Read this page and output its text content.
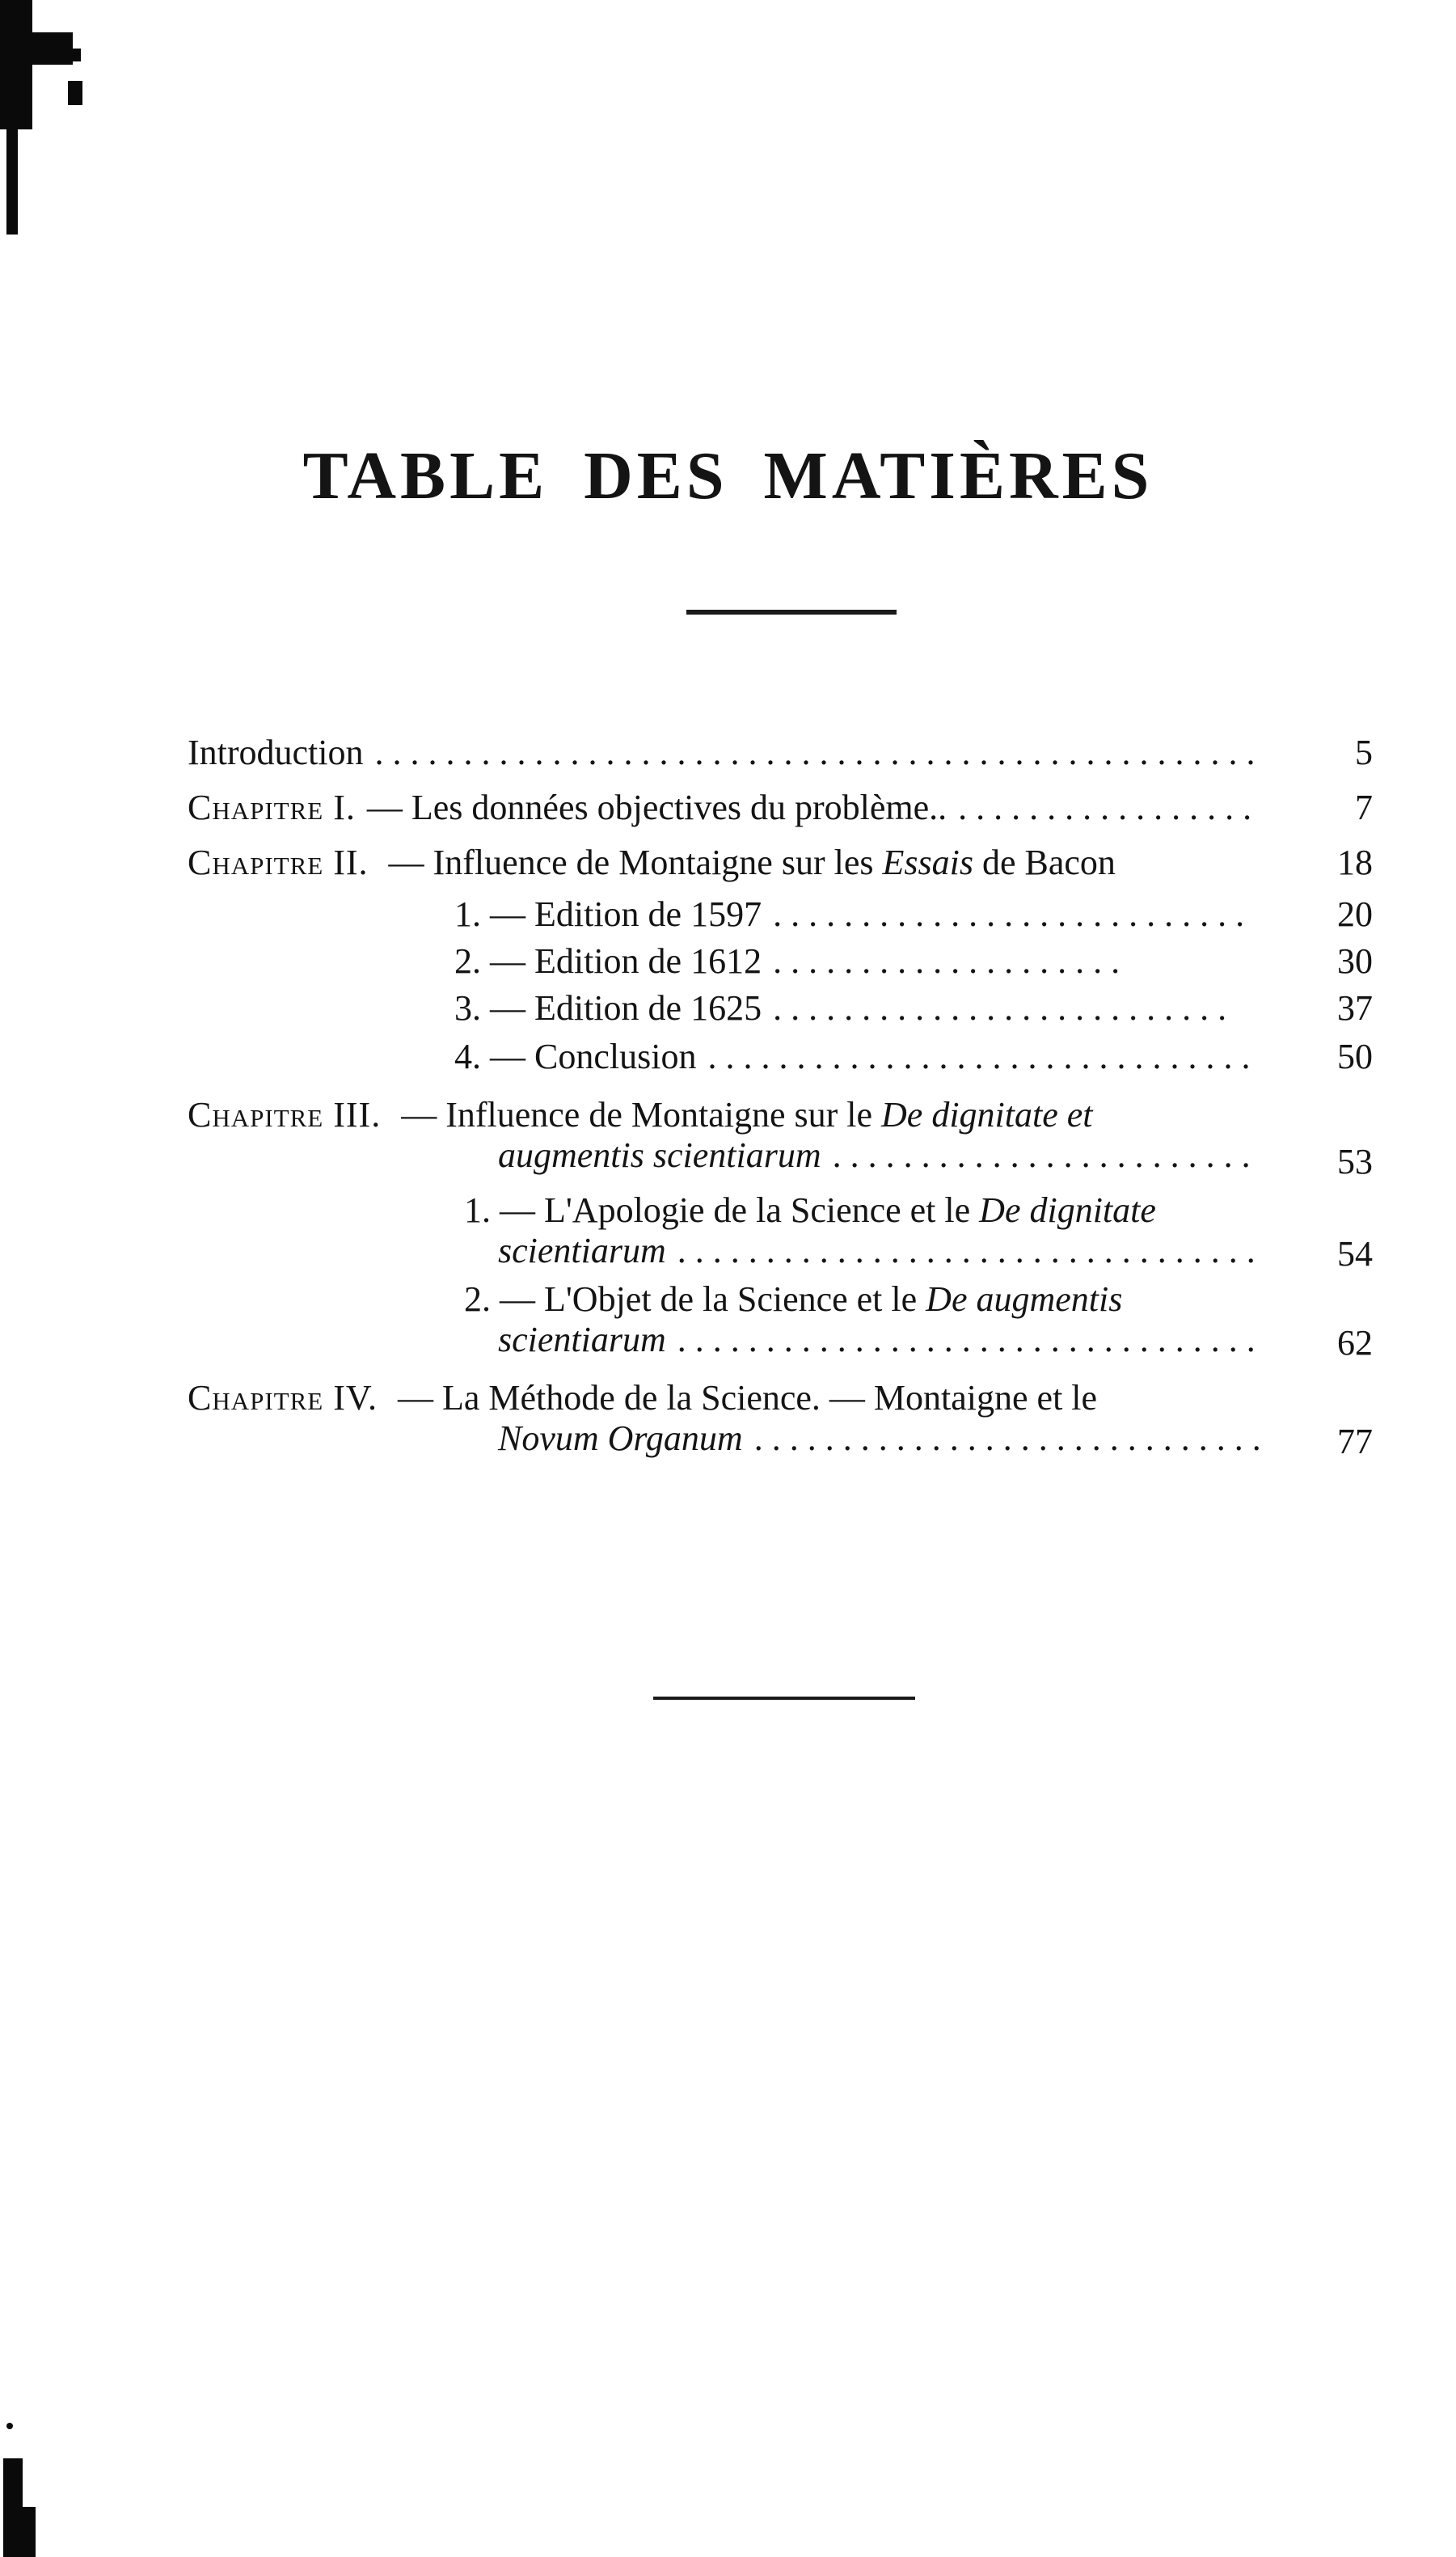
TABLE DES MATIÈRES
Introduction . . .	5
Chapitre I. — Les données objectives du problème.. . . .	7
Chapitre II. — Influence de Montaigne sur les Essais de Bacon	18
1. — Edition de 1597 . . .	20
2. — Edition de 1612 . . .	30
3. — Edition de 1625 . . .	37
4. — Conclusion . . .	50
Chapitre III. — Influence de Montaigne sur le De dignitate et
augmentis scientiarum . . .	53
1. — L'Apologie de la Science et le De dignitate
scientiarum . . .	54
2. — L'Objet de la Science et le De augmentis
scientiarum . . .	62
Chapitre IV. — La Méthode de la Science. — Montaigne et le
Novum Organum . . .	77
